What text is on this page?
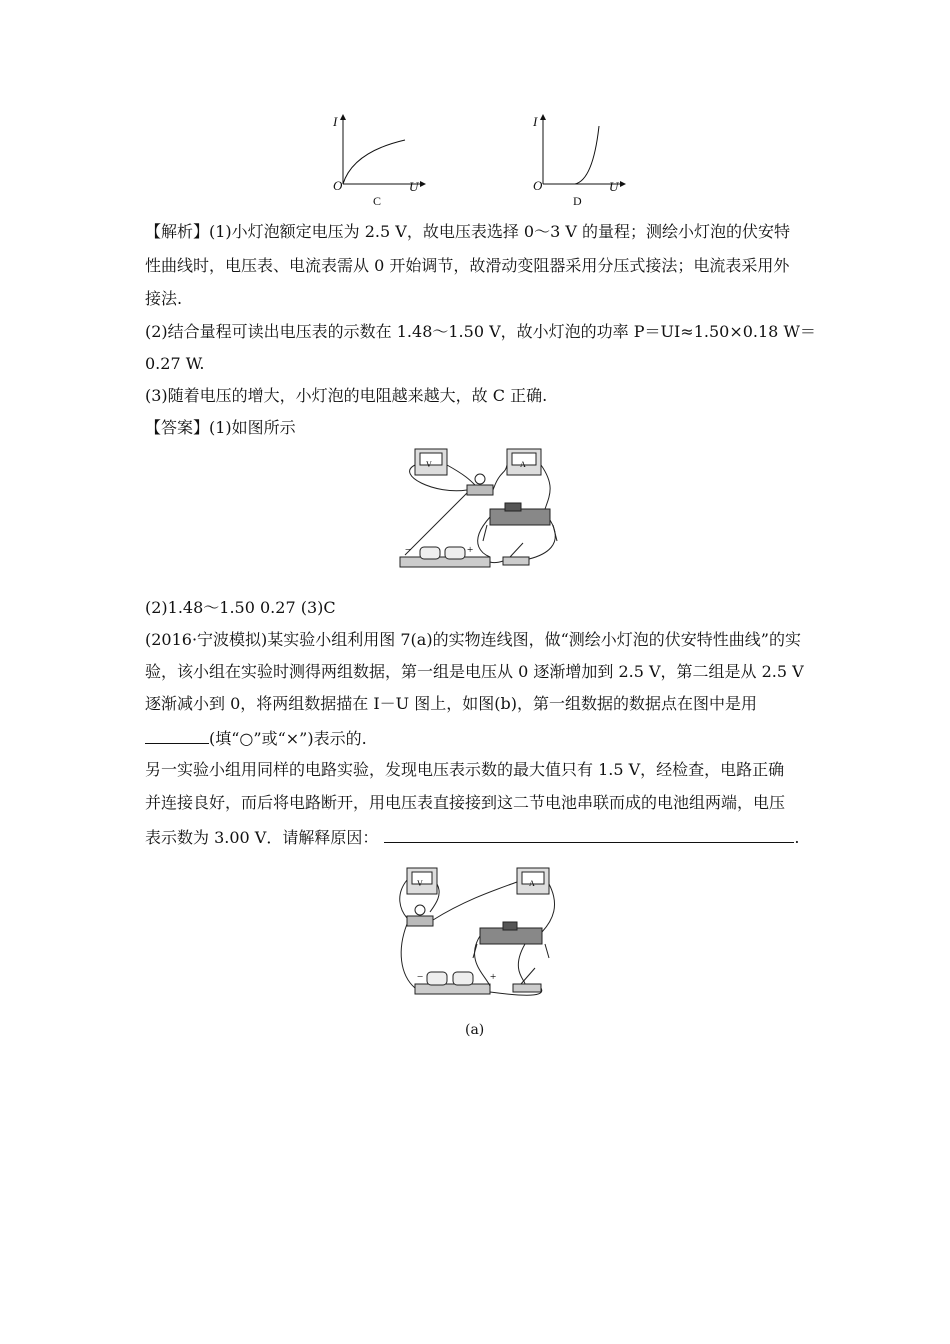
I
O	U
C
I
O	U
D
【解析】(1)小灯泡额定电压为 2.5 V，故电压表选择 0～3 V 的量程；测绘小灯泡的伏安特
性曲线时，电压表、电流表需从 0 开始调节，故滑动变阻器采用分压式接法；电流表采用外
接法.
(2)结合量程可读出电压表的示数在 1.48～1.50 V，故小灯泡的功率 P＝UI≈1.50×0.18 W＝
0.27 W.
(3)随着电压的增大，小灯泡的电阻越来越大，故 C 正确.
【答案】(1)如图所示
V	A
−	+
(2)1.48～1.50 0.27 (3)C
(2016·宁波模拟)某实验小组利用图 7(a)的实物连线图，做“测绘小灯泡的伏安特性曲线”的实
验，该小组在实验时测得两组数据，第一组是电压从 0 逐渐增加到 2.5 V，第二组是从 2.5 V
逐渐减小到 0，将两组数据描在 I－U 图上，如图(b)，第一组数据的数据点在图中是用
(填“○”或“×”)表示的.
另一实验小组用同样的电路实验，发现电压表示数的最大值只有 1.5 V，经检查，电路正确
并连接良好，而后将电路断开，用电压表直接接到这二节电池串联而成的电池组两端，电压
表示数为 3.00 V．请解释原因：	.
V	A
−	+
(a)
